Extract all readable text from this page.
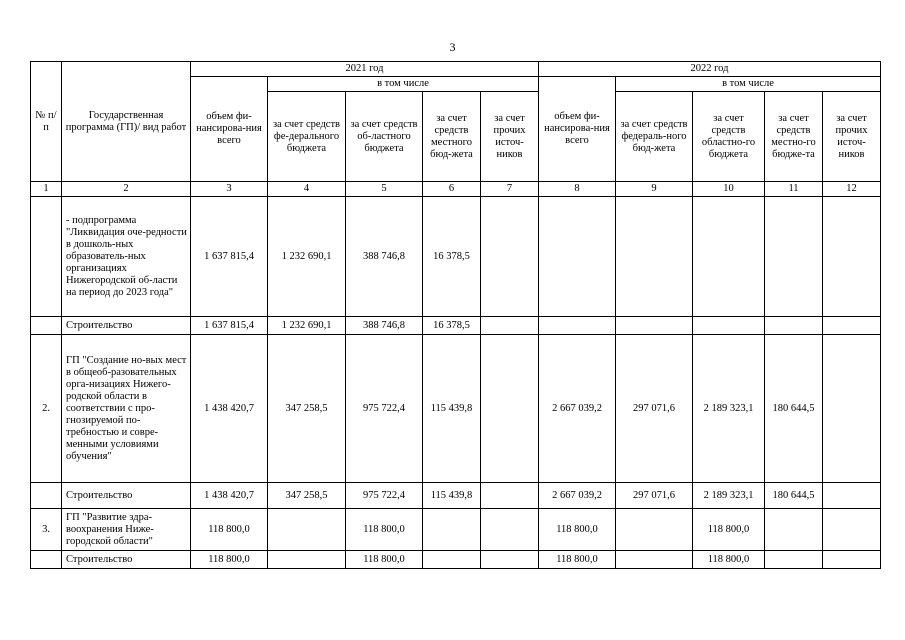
3
№ п/п	Государственная программа (ГП)/ вид работ	2021 год					2022 год				
		объем фи-нансирова-ния всего	в том числе				объем фи-нансирова-ния всего	в том числе			
			за счет средств фе-дерального бюджета	за счет средств об-ластного бюджета	за счет средств местного бюд-жета	за счет прочих источ-ников		за счет средств федераль-ного бюд-жета	за счет средств областно-го бюджета	за счет средств местно-го бюдже-та	за счет прочих источ-ников
1	2	3	4	5	6	7	8	9	10	11	12
	- подпрограмма "Ликвидация оче-редности в дошколь-ных образователь-ных организациях Нижегородской об-ласти на период до 2023 года"	1 637 815,4	1 232 690,1	388 746,8	16 378,5						
	Строительство	1 637 815,4	1 232 690,1	388 746,8	16 378,5						
2.	ГП "Создание но-вых мест в общеоб-разовательных орга-низациях Нижего-родской области в соответствии с про-гнозируемой по-требностью и совре-менными условиями обучения"	1 438 420,7	347 258,5	975 722,4	115 439,8		2 667 039,2	297 071,6	2 189 323,1	180 644,5	
	Строительство	1 438 420,7	347 258,5	975 722,4	115 439,8		2 667 039,2	297 071,6	2 189 323,1	180 644,5	
3.	ГП "Развитие здра-воохранения Ниже-городской области"	118 800,0		118 800,0			118 800,0		118 800,0		
	Строительство	118 800,0		118 800,0			118 800,0		118 800,0		
